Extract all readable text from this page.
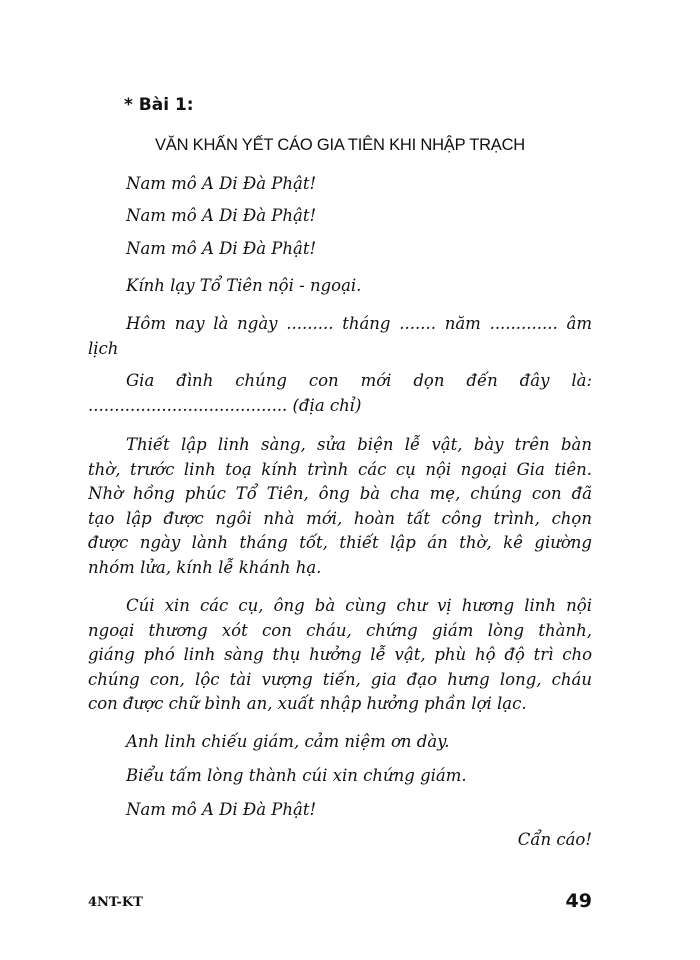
* Bài 1:
VĂN KHẤN YẾT CÁO GIA TIÊN KHI NHẬP TRẠCH
Nam mô A Di Đà Phật!
Nam mô A Di Đà Phật!
Nam mô A Di Đà Phật!
Kính lạy Tổ Tiên nội - ngoại.
Hôm nay là ngày ......... tháng ....... năm ............. âm
lịch
Gia đình chúng con mới dọn đến đây là:
...................................... (địa chỉ)
Thiết lập linh sàng, sửa biện lễ vật, bày trên bàn
thờ, trước linh toạ kính trình các cụ nội ngoại Gia tiên.
Nhờ hồng phúc Tổ Tiên, ông bà cha mẹ, chúng con đã
tạo lập được ngôi nhà mới, hoàn tất công trình, chọn
được ngày lành tháng tốt, thiết lập án thờ, kê giường
nhóm lửa, kính lễ khánh hạ.
Cúi xin các cụ, ông bà cùng chư vị hương linh nội
ngoại thương xót con cháu, chứng giám lòng thành,
giáng phó linh sàng thụ hưởng lễ vật, phù hộ độ trì cho
chúng con, lộc tài vượng tiến, gia đạo hưng long, cháu
con được chữ bình an, xuất nhập hưởng phần lợi lạc.
Anh linh chiếu giám, cảm niệm ơn dày.
Biểu tấm lòng thành cúi xin chứng giám.
Nam mô A Di Đà Phật!
Cẩn cáo!
4NT-KT	49
